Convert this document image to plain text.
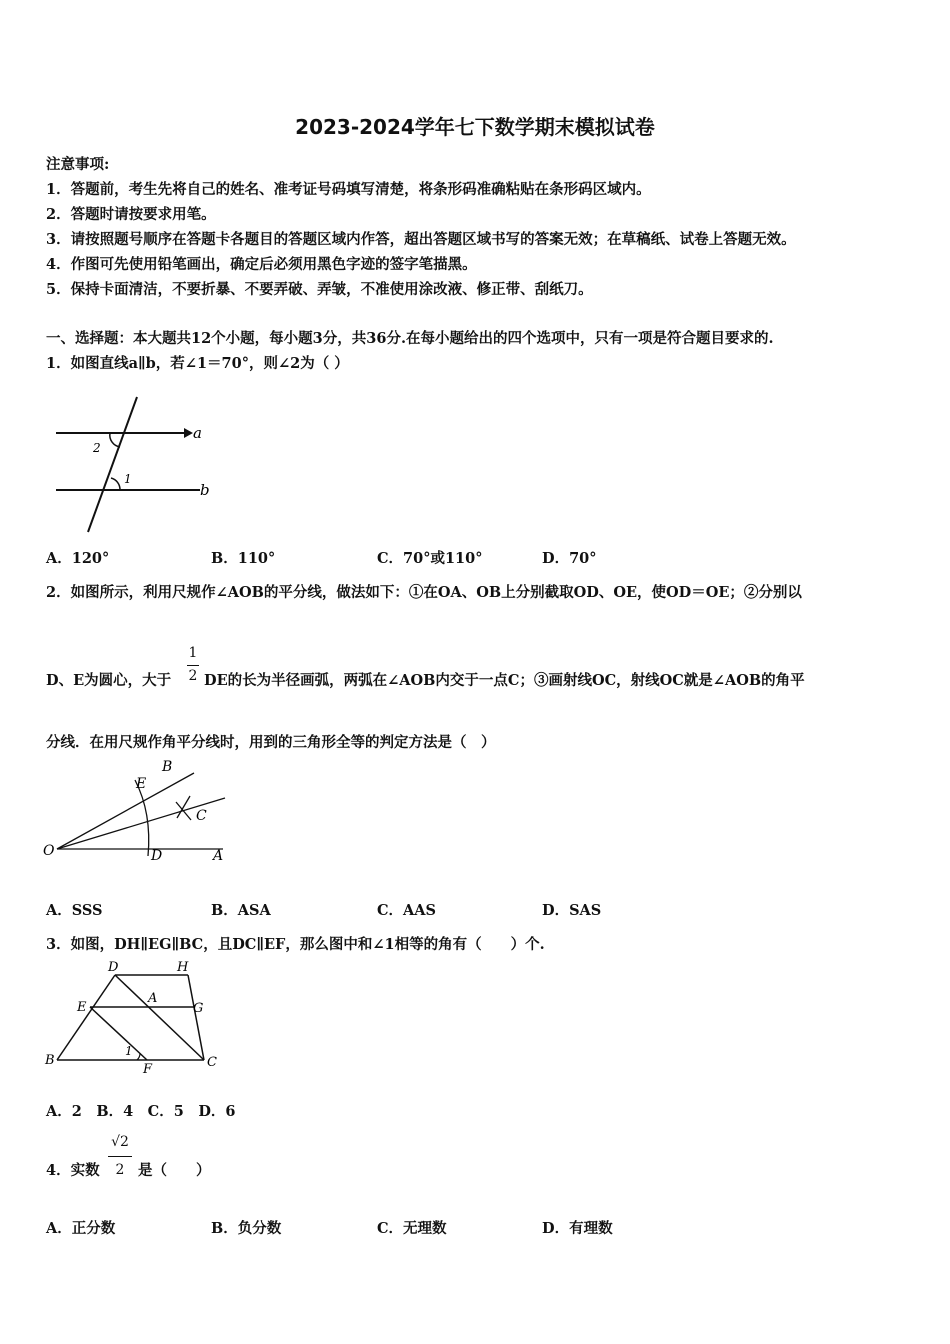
2023-2024学年七下数学期末模拟试卷
注意事项:
1．答题前，考生先将自己的姓名、准考证号码填写清楚，将条形码准确粘贴在条形码区域内。
2．答题时请按要求用笔。
3．请按照题号顺序在答题卡各题目的答题区域内作答，超出答题区域书写的答案无效；在草稿纸、试卷上答题无效。
4．作图可先使用铅笔画出，确定后必须用黑色字迹的签字笔描黑。
5．保持卡面清洁，不要折暴、不要弄破、弄皱，不准使用涂改液、修正带、刮纸刀。
一、选择题：本大题共12个小题，每小题3分，共36分.在每小题给出的四个选项中，只有一项是符合题目要求的.
1．如图直线a∥b，若∠1＝70°，则∠2为（ ）
a
b
1
2
A．120°	B．110°	C．70°或110°	D．70°
2．如图所示，利用尺规作∠AOB的平分线，做法如下：①在OA、OB上分别截取OD、OE，使OD＝OE；②分别以
D、E为圆心，大于
1
2 DE的长为半径画弧，两弧在∠AOB内交于一点C；③画射线OC，射线OC就是∠AOB的角平
分线．在用尺规作角平分线时，用到的三角形全等的判定方法是（　）
O	A
B
C
D
E
A．SSS	B．ASA	C．AAS	D．SAS
3．如图，DH∥EG∥BC，且DC∥EF，那么图中和∠1相等的角有（　　）个.
D	H
E
A
G
B
F	C
1
A．2　B．4　C．5　D．6
4．实数
√2
2 是（　　）
A．正分数	B．负分数	C．无理数	D．有理数
